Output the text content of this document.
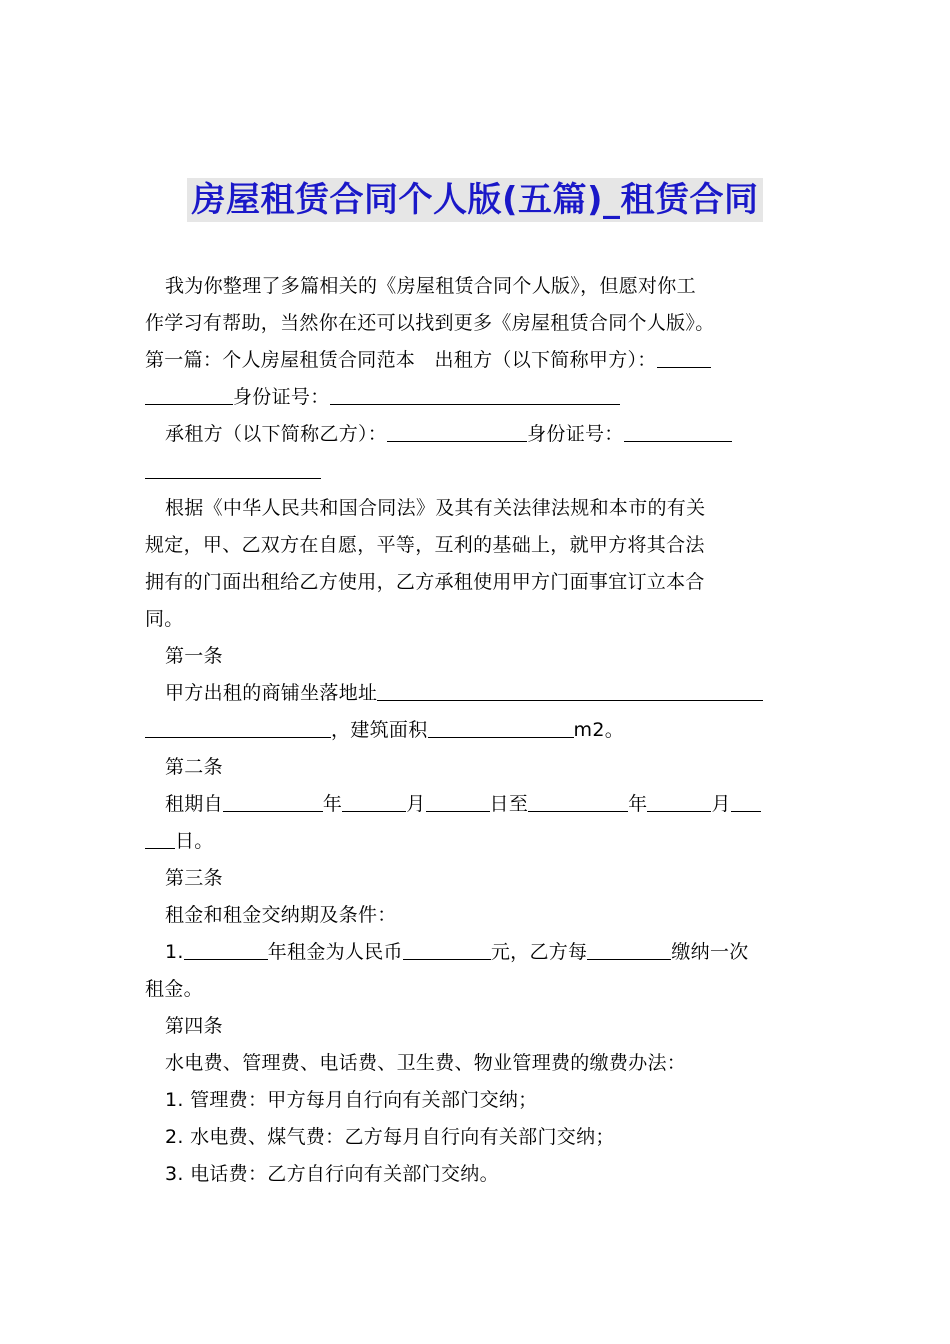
房屋租赁合同个人版(五篇)_租赁合同
我为你整理了多篇相关的《房屋租赁合同个人版》，但愿对你工
作学习有帮助，当然你在还可以找到更多《房屋租赁合同个人版》。
第一篇：个人房屋租赁合同范本　出租方（以下简称甲方）：
身份证号：
承租方（以下简称乙方）：	身份证号：
根据《中华人民共和国合同法》及其有关法律法规和本市的有关
规定，甲、乙双方在自愿，平等，互利的基础上，就甲方将其合法
拥有的门面出租给乙方使用，乙方承租使用甲方门面事宜订立本合
同。
第一条
甲方出租的商铺坐落地址
，建筑面积	m2。
第二条
租期自	年	月	日至	年	月
日。
第三条
租金和租金交纳期及条件：
1.	年租金为人民币	元，乙方每	缴纳一次
租金。
第四条
水电费、管理费、电话费、卫生费、物业管理费的缴费办法：
1. 管理费：甲方每月自行向有关部门交纳；
2. 水电费、煤气费：乙方每月自行向有关部门交纳；
3. 电话费：乙方自行向有关部门交纳。
